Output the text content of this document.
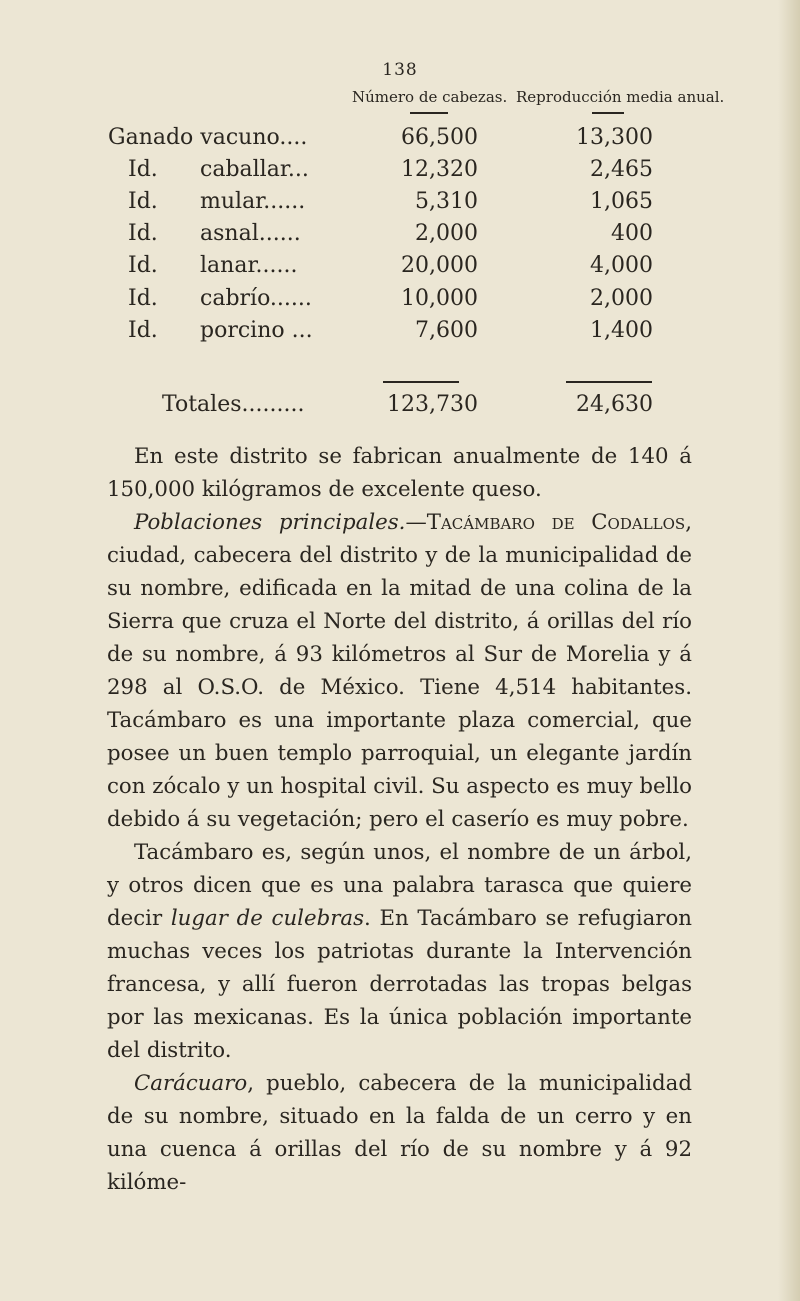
138
Número de cabezas. Reproducción media anual.
Ganado vacuno....	66,500	13,300
Id. caballar...	12,320	2,465
Id. mular......	5,310	1,065
Id. asnal......	2,000	400
Id. lanar......	20,000	4,000
Id. cabrío......	10,000	2,000
Id. porcino ...	7,600	1,400
Totales.........	123,730	24,630

En este distrito se fabrican anualmente de 140 á 150,000 kilógramos de excelente queso.

Poblaciones principales.—Tacámbaro de Codallos, ciudad, cabecera del distrito y de la municipalidad de su nombre, edificada en la mitad de una colina de la Sierra que cruza el Norte del distrito, á orillas del río de su nombre, á 93 kilómetros al Sur de Morelia y á 298 al O.S.O. de México. Tiene 4,514 habitantes. Tacámbaro es una importante plaza comercial, que posee un buen templo parroquial, un elegante jardín con zócalo y un hospital civil. Su aspecto es muy bello debido á su vegetación; pero el caserío es muy pobre.

Tacámbaro es, según unos, el nombre de un árbol, y otros dicen que es una palabra tarasca que quiere decir lugar de culebras. En Tacámbaro se refugiaron muchas veces los patriotas durante la Intervención francesa, y allí fueron derrotadas las tropas belgas por las mexicanas. Es la única población importante del distrito.

Carácuaro, pueblo, cabecera de la municipalidad de su nombre, situado en la falda de un cerro y en una cuenca á orillas del río de su nombre y á 92 kilóme-
